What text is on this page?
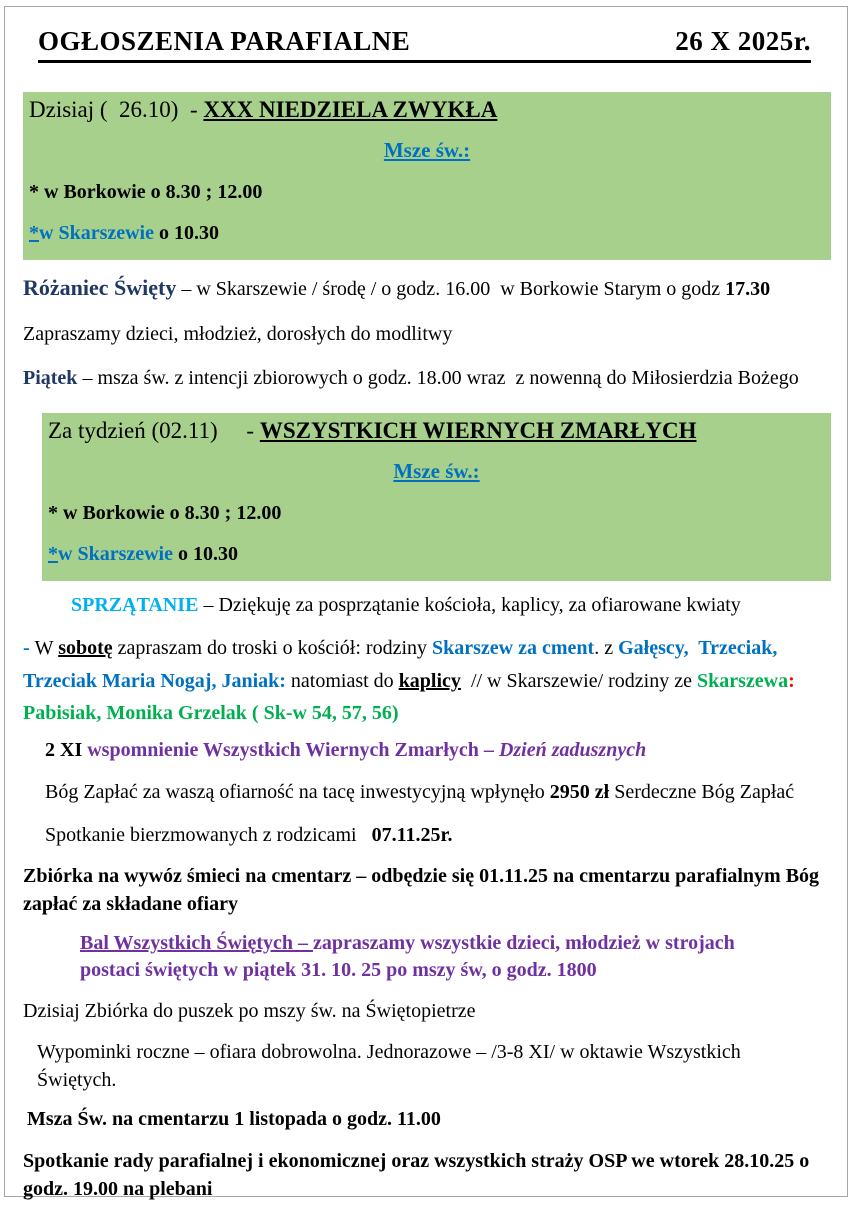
OGŁOSZENIA PARAFIALNE	26 X 2025r.
Dzisiaj (  26.10)  - XXX NIEDZIELA ZWYKŁA
Msze św.:
* w Borkowie o 8.30 ; 12.00
*w Skarszewie o 10.30

Różaniec Święty – w Skarszewie / środę / o godz. 16.00  w Borkowie Starym o godz 17.30

Zapraszamy dzieci, młodzież, dorosłych do modlitwy

Piątek – msza św. z intencji zbiorowych o godz. 18.00 wraz  z nowenną do Miłosierdzia Bożego

Za tydzień (02.11)     - WSZYSTKICH WIERNYCH ZMARŁYCH
Msze św.:
* w Borkowie o 8.30 ; 12.00
*w Skarszewie o 10.30

SPRZĄTANIE – Dziękuję za posprzątanie kościoła, kaplicy, za ofiarowane kwiaty

- W sobotę zapraszam do troski o kościół: rodziny Skarszew za cment. z Gałęscy,  Trzeciak, Trzeciak Maria Nogaj, Janiak: natomiast do kaplicy  // w Skarszewie/ rodziny ze Skarszewa: Pabisiak, Monika Grzelak ( Sk-w 54, 57, 56)

2 XI wspomnienie Wszystkich Wiernych Zmarłych – Dzień zadusznych

Bóg Zapłać za waszą ofiarność na tacę inwestycyjną wpłynęło 2950 zł Serdeczne Bóg Zapłać

Spotkanie bierzmowanych z rodzicami   07.11.25r.

Zbiórka na wywóz śmieci na cmentarz – odbędzie się 01.11.25 na cmentarzu parafialnym Bóg zapłać za składane ofiary

Bal Wszystkich Świętych – zapraszamy wszystkie dzieci, młodzież w strojach postaci świętych w piątek 31. 10. 25 po mszy św, o godz. 1800

Dzisiaj Zbiórka do puszek po mszy św. na Świętopietrze

Wypominki roczne – ofiara dobrowolna. Jednorazowe – /3-8 XI/ w oktawie Wszystkich Świętych.

Msza Św. na cmentarzu 1 listopada o godz. 11.00

Spotkanie rady parafialnej i ekonomicznej oraz wszystkich straży OSP we wtorek 28.10.25 o godz. 19.00 na plebani
